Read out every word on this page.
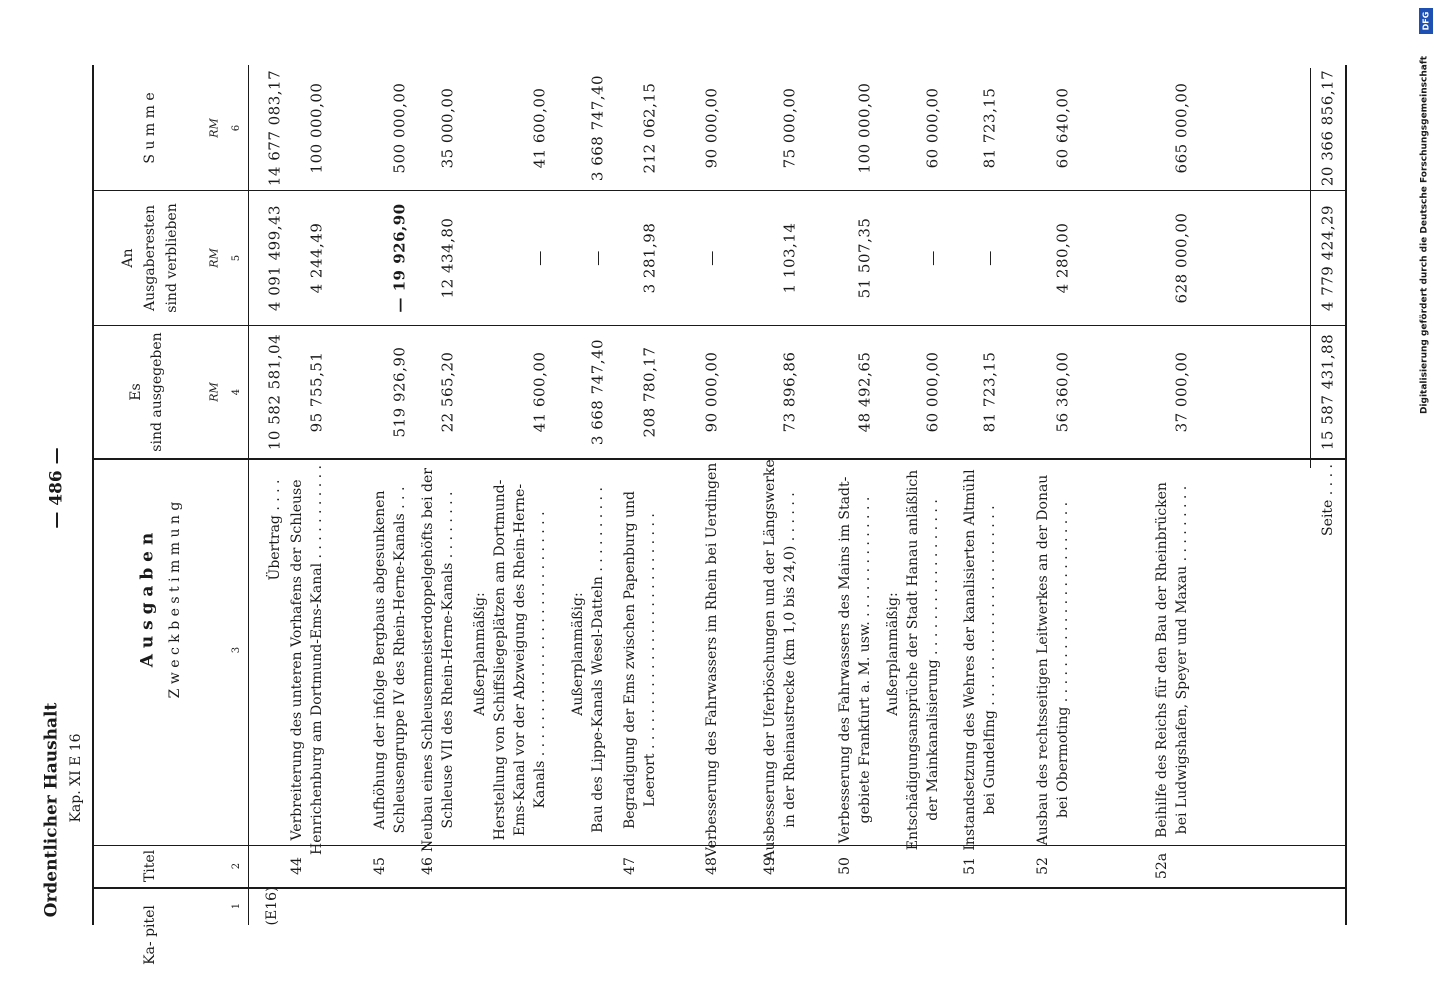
Ordentlicher Haushalt Kap. XI E 16
— 486 —
Ka- pitel
Titel
A u s g a b e n Z w e c k b e s t i m m u n g
Es sind ausgegeben
An Ausgaberesten sind verblieben
S u m m e
RM
RM
RM
1
2
3
4
5
6
(E16)
Übertrag . . . .
10 582 581,04
4 091 499,43
14 677 083,17
44
Verbreiterung des unteren Vorhafens der Schleuse Henrichenburg am Dortmund-Ems-Kanal . . . . . . . . . . .
95 755,51
4 244,49
100 000,00
45
Aufhöhung der infolge Bergbaus abgesunkenen Schleusengruppe IV des Rhein-Herne-Kanals . . .
519 926,90
— 19 926,90
500 000,00
46
Neubau eines Schleusenmeisterdoppelgehöfts bei der Schleuse VII des Rhein-Herne-Kanals . . . . . . . .
22 565,20
12 434,80
35 000,00
Außerplanmäßig: Herstellung von Schiffsliegeplätzen am Dortmund- Ems-Kanal vor der Abzweigung des Rhein-Herne- Kanals . . . . . . . . . . . . . . . . . . . . . . . . . . . .
41 600,00
—
41 600,00
Außerplanmäßig: Bau des Lippe-Kanals Wesel-Datteln . . . . . . . . . .
3 668 747,40
—
3 668 747,40
47
Begradigung der Ems zwischen Papenburg und Leerort . . . . . . . . . . . . . . . . . . . . . . . . . . .
208 780,17
3 281,98
212 062,15
48
Verbesserung des Fahrwassers im Rhein bei Uerdingen
90 000,00
—
90 000,00
49
Ausbesserung der Uferböschungen und der Längswerke in der Rheinaustrecke (km 1,0 bis 24,0) . . . . . .
73 896,86
1 103,14
75 000,00
50
Verbesserung des Fahrwassers des Mains im Stadt- gebiete Frankfurt a. M. usw. . . . . . . . . . . . . . .
48 492,65
51 507,35
100 000,00
Außerplanmäßig: Entschädigungsansprüche der Stadt Hanau anläßlich der Mainkanalisierung . . . . . . . . . . . . . . . . . .
60 000,00
—
60 000,00
51
Instandsetzung des Wehres der kanalisierten Altmühl bei Gundelfing . . . . . . . . . . . . . . . . . . . . . . .
81 723,15
—
81 723,15
52
Ausbau des rechtsseitigen Leitwerkes an der Donau bei Obermoting . . . . . . . . . . . . . . . . . . . . . . .
56 360,00
4 280,00
60 640,00
52a
Beihilfe des Reichs für den Bau der Rheinbrücken bei Ludwigshafen, Speyer und Maxau . . . . . . . . .
37 000,00
628 000,00
665 000,00
Seite . . . .
15 587 431,88
4 779 424,29
20 366 856,17	Digitalisierung gefördert durch die Deutsche Forschungsgemeinschaft
DFG
